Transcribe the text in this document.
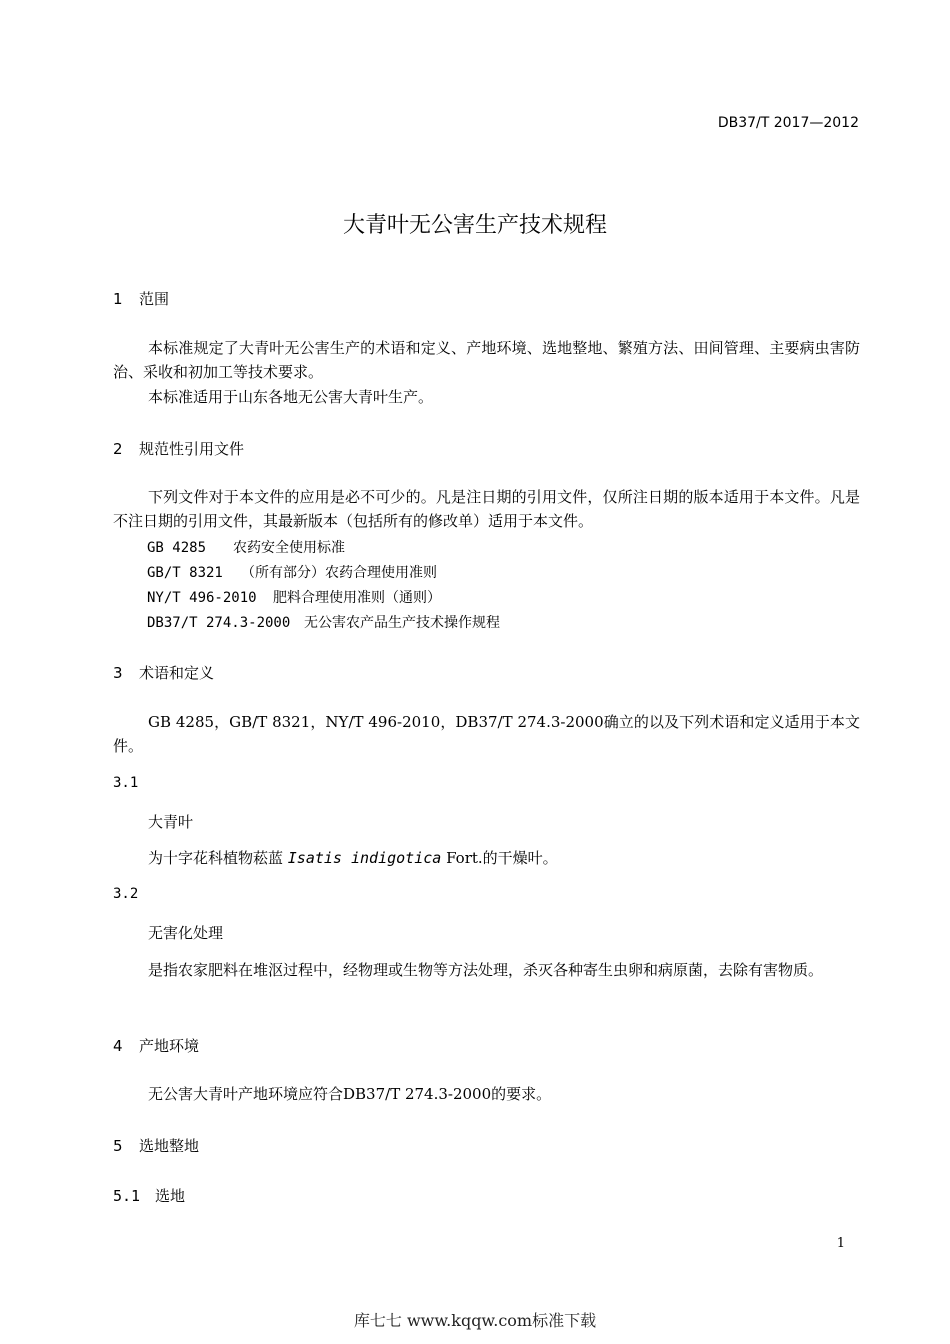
DB37/T 2017—2012
大青叶无公害生产技术规程
1 范围
本标准规定了大青叶无公害生产的术语和定义、产地环境、选地整地、繁殖方法、田间管理、主要病虫害防治、采收和初加工等技术要求。
本标准适用于山东各地无公害大青叶生产。
2 规范性引用文件
下列文件对于本文件的应用是必不可少的。凡是注日期的引用文件，仅所注日期的版本适用于本文件。凡是不注日期的引用文件，其最新版本（包括所有的修改单）适用于本文件。
GB 4285 农药安全使用标准
GB/T 8321 （所有部分）农药合理使用准则
NY/T 496-2010 肥料合理使用准则（通则）
DB37/T 274.3-2000 无公害农产品生产技术操作规程
3 术语和定义
GB 4285，GB/T 8321，NY/T 496-2010，DB37/T 274.3-2000确立的以及下列术语和定义适用于本文件。
3.1
大青叶
为十字花科植物菘蓝 Isatis indigotica Fort.的干燥叶。
3.2
无害化处理
是指农家肥料在堆沤过程中，经物理或生物等方法处理，杀灭各种寄生虫卵和病原菌，去除有害物质。
4 产地环境
无公害大青叶产地环境应符合DB37/T 274.3-2000的要求。
5 选地整地
5.1 选地
1
库七七 www.kqqw.com标准下载
